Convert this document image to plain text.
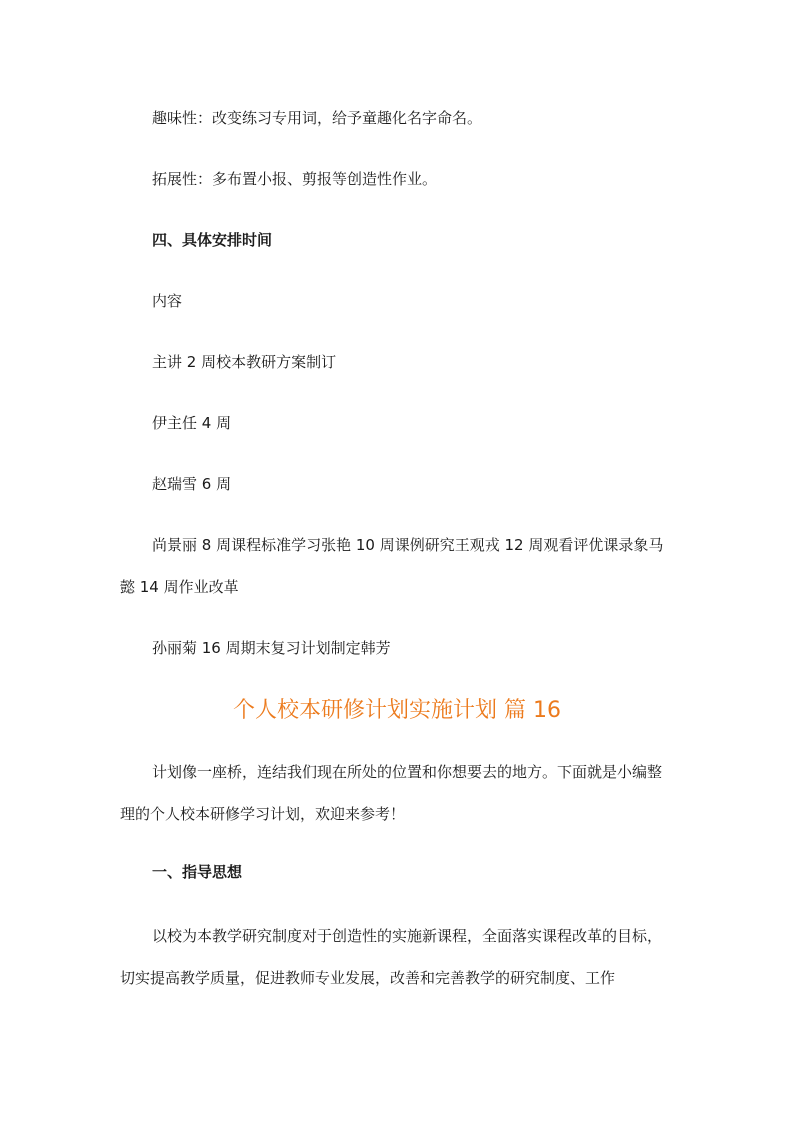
趣味性：改变练习专用词，给予童趣化名字命名。
拓展性：多布置小报、剪报等创造性作业。
四、具体安排时间
内容
主讲 2 周校本教研方案制订
伊主任 4 周
赵瑞雪 6 周
尚景丽 8 周课程标准学习张艳 10 周课例研究王观戎 12 周观看评优课录象马懿 14 周作业改革
孙丽菊 16 周期末复习计划制定韩芳
个人校本研修计划实施计划 篇 16
计划像一座桥，连结我们现在所处的位置和你想要去的地方。下面就是小编整理的个人校本研修学习计划，欢迎来参考！
一、指导思想
以校为本教学研究制度对于创造性的实施新课程，全面落实课程改革的目标，切实提高教学质量，促进教师专业发展，改善和完善教学的研究制度、工作
